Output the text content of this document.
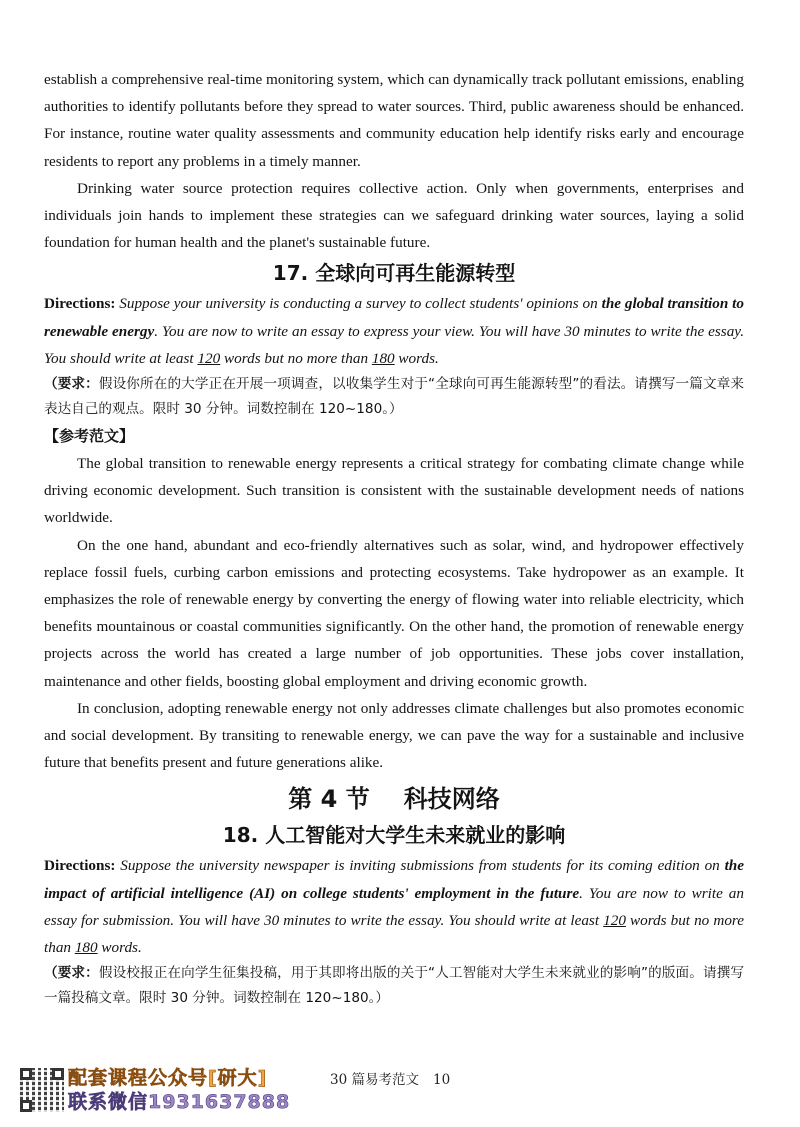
establish a comprehensive real-time monitoring system, which can dynamically track pollutant emissions, enabling authorities to identify pollutants before they spread to water sources. Third, public awareness should be enhanced. For instance, routine water quality assessments and community education help identify risks early and encourage residents to report any problems in a timely manner.

Drinking water source protection requires collective action. Only when governments, enterprises and individuals join hands to implement these strategies can we safeguard drinking water sources, laying a solid foundation for human health and the planet's sustainable future.

17. 全球向可再生能源转型

Directions: Suppose your university is conducting a survey to collect students' opinions on the global transition to renewable energy. You are now to write an essay to express your view. You will have 30 minutes to write the essay. You should write at least 120 words but no more than 180 words.

（要求：假设你所在的大学正在开展一项调查，以收集学生对于“全球向可再生能源转型”的看法。请撰写一篇文章来表达自己的观点。限时 30 分钟。词数控制在 120~180。）

【参考范文】

The global transition to renewable energy represents a critical strategy for combating climate change while driving economic development. Such transition is consistent with the sustainable development needs of nations worldwide.

On the one hand, abundant and eco-friendly alternatives such as solar, wind, and hydropower effectively replace fossil fuels, curbing carbon emissions and protecting ecosystems. Take hydropower as an example. It emphasizes the role of renewable energy by converting the energy of flowing water into reliable electricity, which benefits mountainous or coastal communities significantly. On the other hand, the promotion of renewable energy projects across the world has created a large number of job opportunities. These jobs cover installation, maintenance and other fields, boosting global employment and driving economic growth.

In conclusion, adopting renewable energy not only addresses climate challenges but also promotes economic and social development. By transiting to renewable energy, we can pave the way for a sustainable and inclusive future that benefits present and future generations alike.

第 4 节 科技网络
18. 人工智能对大学生未来就业的影响

Directions: Suppose the university newspaper is inviting submissions from students for its coming edition on the impact of artificial intelligence (AI) on college students' employment in the future. You are now to write an essay for submission. You will have 30 minutes to write the essay. You should write at least 120 words but no more than 180 words.

（要求：假设校报正在向学生征集投稿，用于其即将出版的关于“人工智能对大学生未来就业的影响”的版面。请撰写一篇投稿文章。限时 30 分钟。词数控制在 120~180。）

配套课程公众号[研大]
联系微信1931637888
30 篇易考范文 10
